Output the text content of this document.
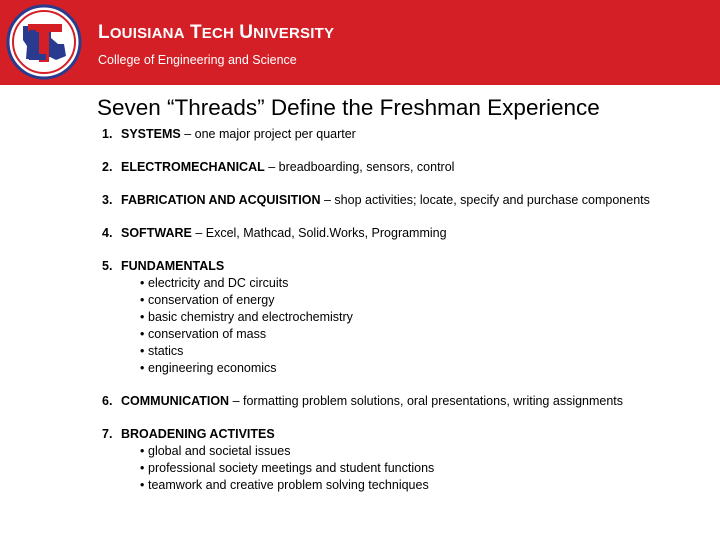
LOUISIANA TECH UNIVERSITY
College of Engineering and Science
Seven “Threads” Define the Freshman Experience
1. SYSTEMS – one major project per quarter
2. ELECTROMECHANICAL – breadboarding, sensors, control
3. FABRICATION AND ACQUISITION – shop activities; locate, specify and purchase components
4. SOFTWARE – Excel, Mathcad, Solid.Works, Programming
5. FUNDAMENTALS
• electricity and DC circuits
• conservation of energy
• basic chemistry and electrochemistry
• conservation of mass
• statics
• engineering economics
6. COMMUNICATION – formatting problem solutions, oral presentations, writing assignments
7. BROADENING ACTIVITES
• global and societal issues
• professional society meetings and student functions
• teamwork and creative problem solving techniques
